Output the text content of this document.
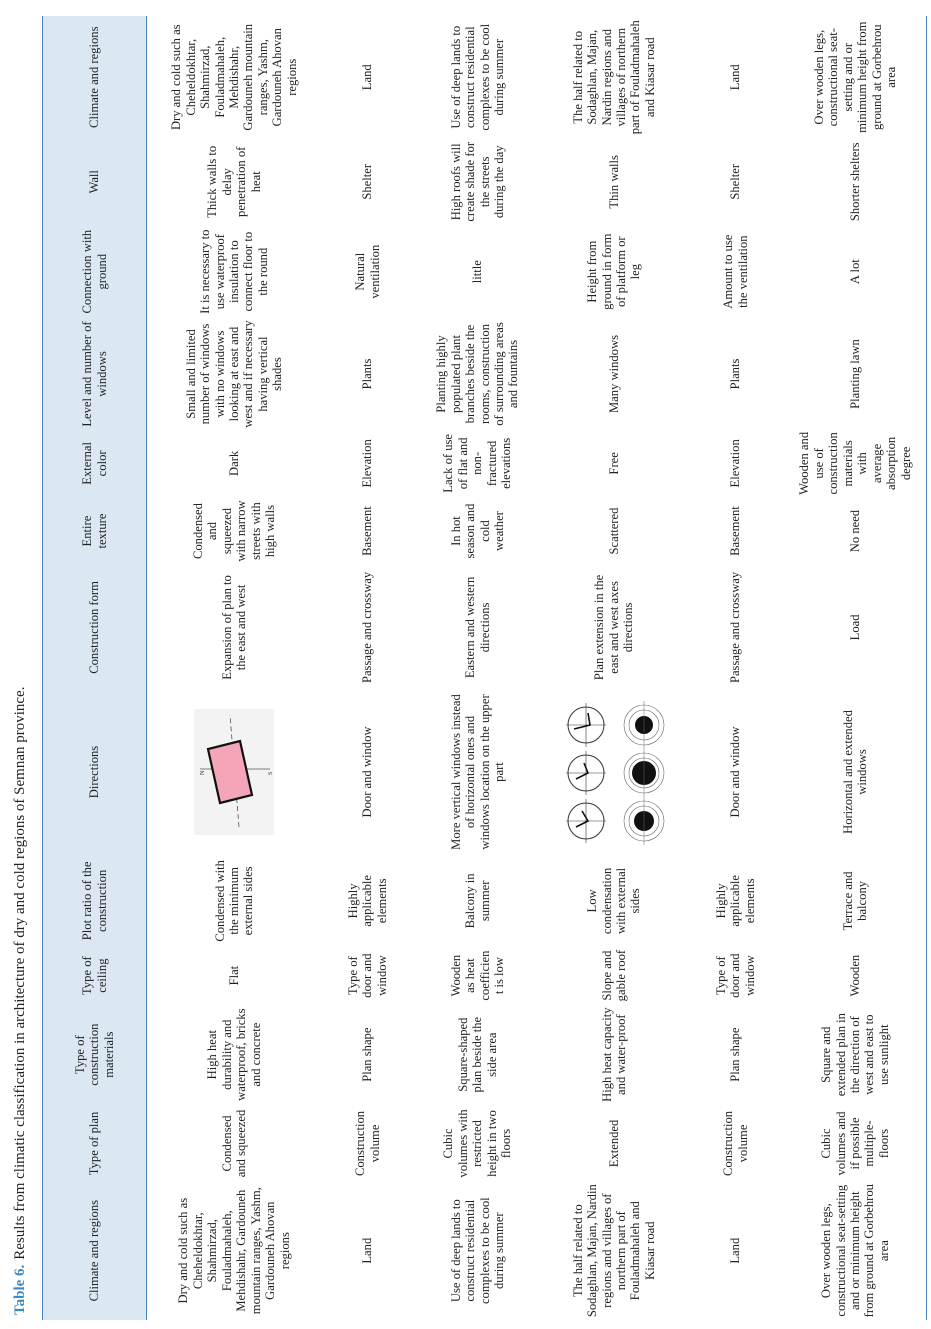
Table 6.
Results from climatic classification in architecture of dry and cold regions of Semnan province.	Climate and regions	Type of plan	Type of construction materials	Type of ceiling	Plot ratio of the construction	Directions	Construction form	Entire texture	External color	Level and number of windows	Connection with ground	Wall	Climate and regions
Dry and cold such as Cheheldokhtar, Shahmirzad, Fouladmahaleh, Mehdishahr, Gardouneh mountain ranges, Yashm, Gardouneh Ahovan regions	Condensed and squeezed	High heat durability and waterproof, bricks and concrete	Flat	Condensed with the minimum external sides	N S	Expansion of plan to the east and west	Condensed and squeezed with narrow streets with high walls	Dark	Small and limited number of windows with no windows looking at east and west and if necessary having vertical shades	It is necessary to use waterproof insulation to connect floor to the round	Thick walls to delay penetration of heat	Dry and cold such as Cheheldokhtar, Shahmirzad, Fouladmahaleh, Mehdishahr, Gardouneh mountain ranges, Yashm, Gardouneh Ahovan regions
Land	Construction volume	Plan shape	Type of door and window	Highly applicable elements	Door and window	Passage and crossway	Basement	Elevation	Plants	Natural ventilation	Shelter	Land
Use of deep lands to construct residential complexes to be cool during summer	Cubic volumes with restricted height in two floors	Square-shaped plan beside the side area	Wooden as heat coefficient is low	Balcony in summer	More vertical windows instead of horizontal ones and windows location on the upper part	Eastern and western directions	In hot season and cold weather	Lack of use of flat and non-fractured elevations	Planting highly populated plant branches beside the rooms, construction of surrounding areas and fountains	little	High roofs will create shade for the streets during the day	Use of deep lands to construct residential complexes to be cool during summer
The half related to Sodaghlan, Majan, Nardin regions and villages of northern part of Fouladmahaleh and Kiasar road	Extended	High heat capacity and water-proof	Slope and gable roof	Low condensation with external sides		Plan extension in the east and west axes directions	Scattered	Free	Many windows	Height from ground in form of platform or leg	Thin walls	The half related to Sodaghlan, Majan, Nardin regions and villages of northern part of Fouladmahaleh and Kiasar road
Land	Construction volume	Plan shape	Type of door and window	Highly applicable elements	Door and window	Passage and crossway	Basement	Elevation	Plants	Amount to use the ventilation	Shelter	Land
Over wooden legs, constructional seat-setting and or minimum height from ground at Gorbehrou area	Cubic volumes and if possible multiple-floors	Square and extended plan in the direction of west and east to use sunlight	Wooden	Terrace and balcony	Horizontal and extended windows	Load	No need	Wooden and use of construction materials with average absorption degree	Planting lawn	A lot	Shorter shelters	Over wooden legs, constructional seat-setting and or minimum height from ground at Gorbehrou area
